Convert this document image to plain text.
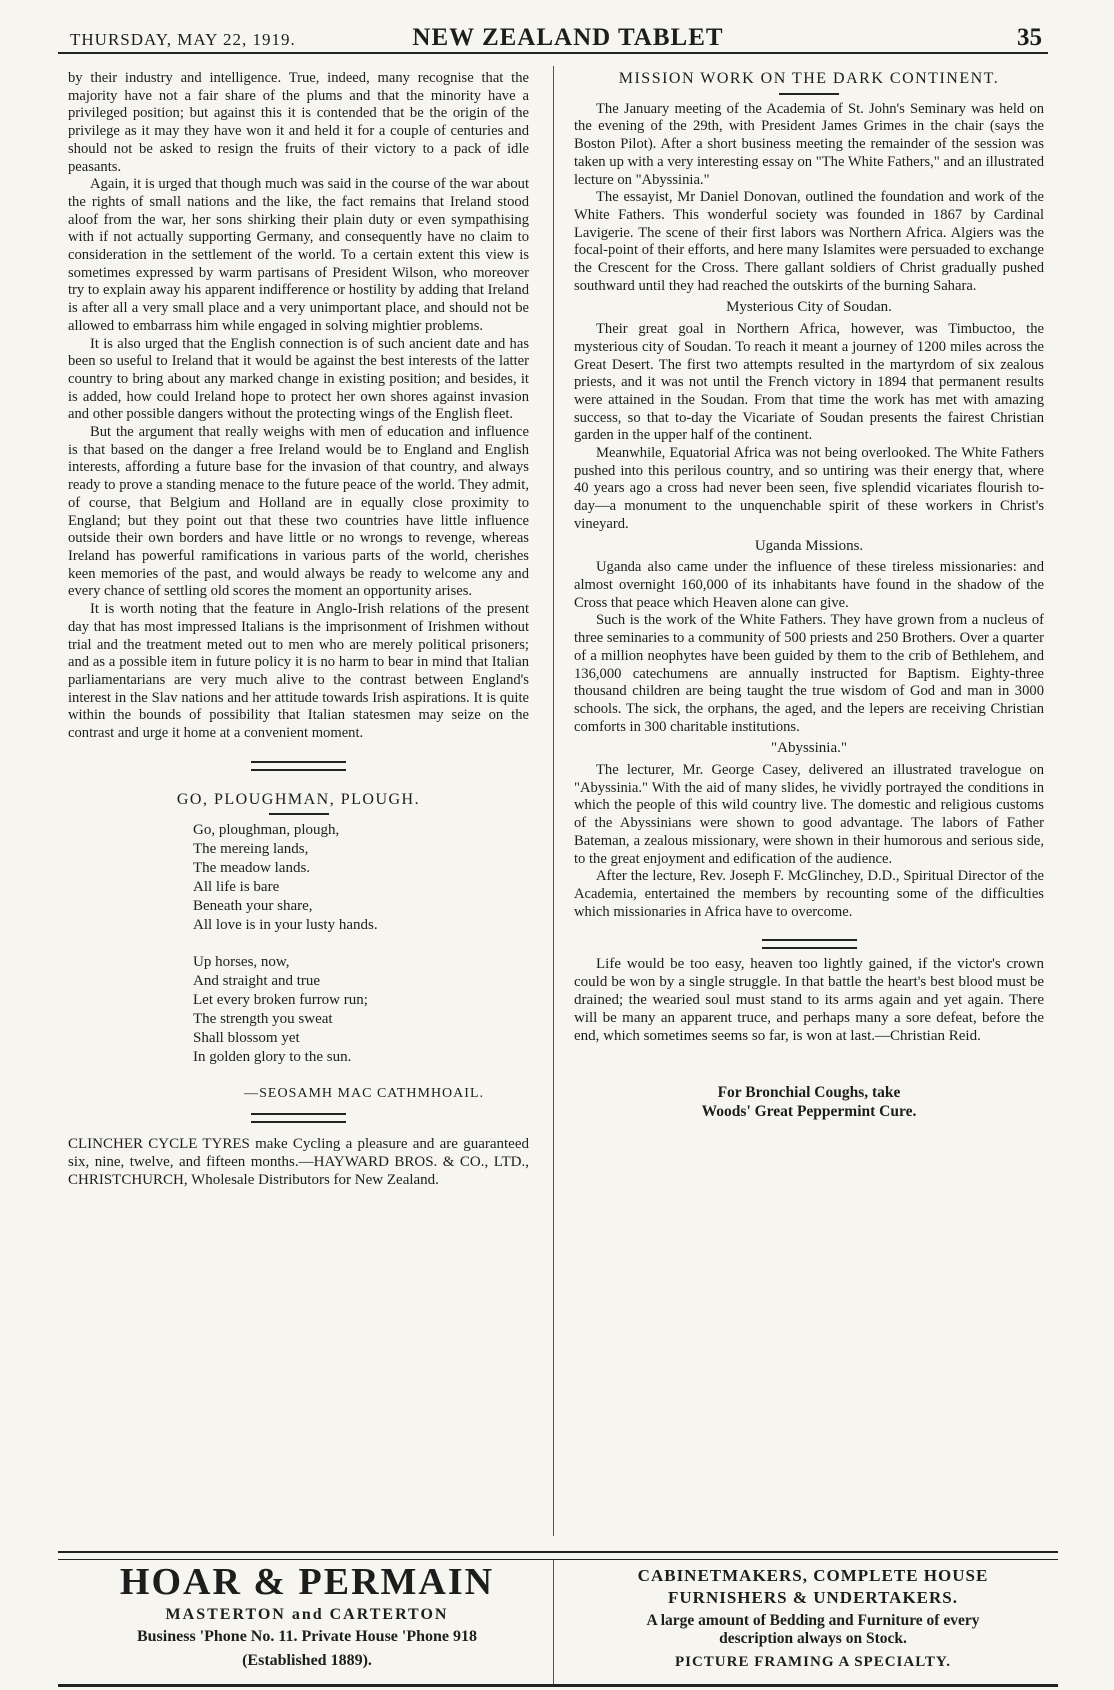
THURSDAY, MAY 22, 1919.	NEW ZEALAND TABLET	35

by their industry and intelligence. True, indeed, many recognise that the majority have not a fair share of the plums and that the minority have a privileged position; but against this it is contended that be the origin of the privilege as it may they have won it and held it for a couple of centuries and should not be asked to resign the fruits of their victory to a pack of idle peasants.

Again, it is urged that though much was said in the course of the war about the rights of small nations and the like, the fact remains that Ireland stood aloof from the war, her sons shirking their plain duty or even sympathising with if not actually supporting Germany, and consequently have no claim to consideration in the settlement of the world. To a certain extent this view is sometimes expressed by warm partisans of President Wilson, who moreover try to explain away his apparent indifference or hostility by adding that Ireland is after all a very small place and a very unimportant place, and should not be allowed to embarrass him while engaged in solving mightier problems.

It is also urged that the English connection is of such ancient date and has been so useful to Ireland that it would be against the best interests of the latter country to bring about any marked change in existing position; and besides, it is added, how could Ireland hope to protect her own shores against invasion and other possible dangers without the protecting wings of the English fleet.

But the argument that really weighs with men of education and influence is that based on the danger a free Ireland would be to England and English interests, affording a future base for the invasion of that country, and always ready to prove a standing menace to the future peace of the world. They admit, of course, that Belgium and Holland are in equally close proximity to England; but they point out that these two countries have little influence outside their own borders and have little or no wrongs to revenge, whereas Ireland has powerful ramifications in various parts of the world, cherishes keen memories of the past, and would always be ready to welcome any and every chance of settling old scores the moment an opportunity arises.

It is worth noting that the feature in Anglo-Irish relations of the present day that has most impressed Italians is the imprisonment of Irishmen without trial and the treatment meted out to men who are merely political prisoners; and as a possible item in future policy it is no harm to bear in mind that Italian parliamentarians are very much alive to the contrast between England's interest in the Slav nations and her attitude towards Irish aspirations. It is quite within the bounds of possibility that Italian statesmen may seize on the contrast and urge it home at a convenient moment.

GO, PLOUGHMAN, PLOUGH.
Go, ploughman, plough,
The mereing lands,
The meadow lands.
All life is bare
Beneath your share,
All love is in your lusty hands.
Up horses, now,
And straight and true
Let every broken furrow run;
The strength you sweat
Shall blossom yet
In golden glory to the sun.
—SEOSAMH MAC CATHMHOAIL.

CLINCHER CYCLE TYRES make Cycling a pleasure and are guaranteed six, nine, twelve, and fifteen months.—HAYWARD BROS. & CO., LTD., CHRISTCHURCH, Wholesale Distributors for New Zealand.

MISSION WORK ON THE DARK CONTINENT.

The January meeting of the Academia of St. John's Seminary was held on the evening of the 29th, with President James Grimes in the chair (says the Boston Pilot). After a short business meeting the remainder of the session was taken up with a very interesting essay on "The White Fathers," and an illustrated lecture on "Abyssinia."

The essayist, Mr Daniel Donovan, outlined the foundation and work of the White Fathers. This wonderful society was founded in 1867 by Cardinal Lavigerie. The scene of their first labors was Northern Africa. Algiers was the focal-point of their efforts, and here many Islamites were persuaded to exchange the Crescent for the Cross. There gallant soldiers of Christ gradually pushed southward until they had reached the outskirts of the burning Sahara.

Mysterious City of Soudan.

Their great goal in Northern Africa, however, was Timbuctoo, the mysterious city of Soudan. To reach it meant a journey of 1200 miles across the Great Desert. The first two attempts resulted in the martyrdom of six zealous priests, and it was not until the French victory in 1894 that permanent results were attained in the Soudan. From that time the work has met with amazing success, so that to-day the Vicariate of Soudan presents the fairest Christian garden in the upper half of the continent.

Meanwhile, Equatorial Africa was not being overlooked. The White Fathers pushed into this perilous country, and so untiring was their energy that, where 40 years ago a cross had never been seen, five splendid vicariates flourish to-day—a monument to the unquenchable spirit of these workers in Christ's vineyard.

Uganda Missions.

Uganda also came under the influence of these tireless missionaries: and almost overnight 160,000 of its inhabitants have found in the shadow of the Cross that peace which Heaven alone can give.

Such is the work of the White Fathers. They have grown from a nucleus of three seminaries to a community of 500 priests and 250 Brothers. Over a quarter of a million neophytes have been guided by them to the crib of Bethlehem, and 136,000 catechumens are annually instructed for Baptism. Eighty-three thousand children are being taught the true wisdom of God and man in 3000 schools. The sick, the orphans, the aged, and the lepers are receiving Christian comforts in 300 charitable institutions.

"Abyssinia."

The lecturer, Mr. George Casey, delivered an illustrated travelogue on "Abyssinia." With the aid of many slides, he vividly portrayed the conditions in which the people of this wild country live. The domestic and religious customs of the Abyssinians were shown to good advantage. The labors of Father Bateman, a zealous missionary, were shown in their humorous and serious side, to the great enjoyment and edification of the audience.

After the lecture, Rev. Joseph F. McGlinchey, D.D., Spiritual Director of the Academia, entertained the members by recounting some of the difficulties which missionaries in Africa have to overcome.

Life would be too easy, heaven too lightly gained, if the victor's crown could be won by a single struggle. In that battle the heart's best blood must be drained; the wearied soul must stand to its arms again and yet again. There will be many an apparent truce, and perhaps many a sore defeat, before the end, which sometimes seems so far, is won at last.—Christian Reid.

For Bronchial Coughs, take
Woods' Great Peppermint Cure.
HOAR & PERMAIN
MASTERTON and CARTERTON
Business 'Phone No. 11. Private House 'Phone 918
(Established 1889).
CABINETMAKERS, COMPLETE HOUSE
FURNISHERS & UNDERTAKERS.
A large amount of Bedding and Furniture of every
description always on Stock.
PICTURE FRAMING A SPECIALTY.
